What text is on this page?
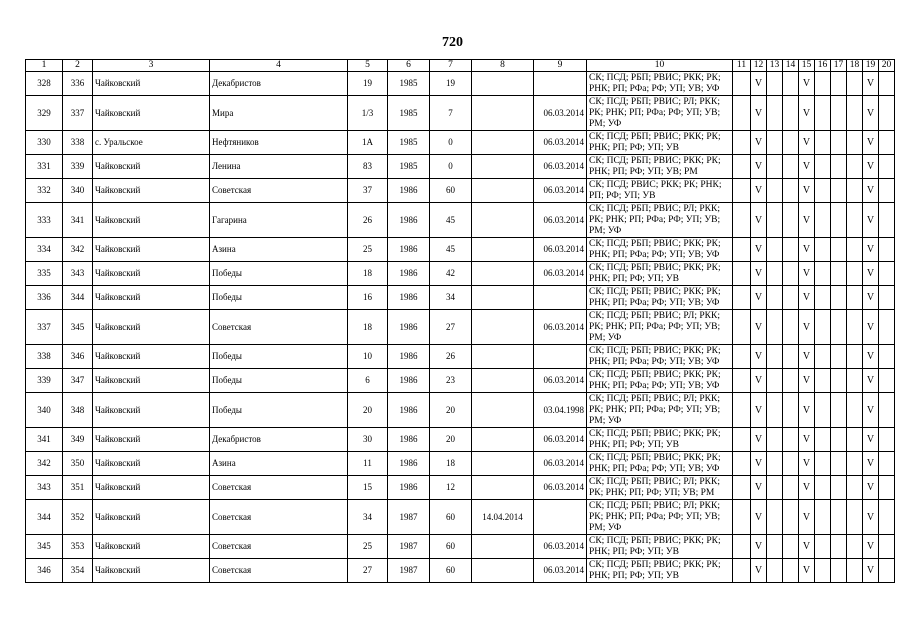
720
1	2	3	4	5	6	7	8	9	10	11	12	13	14	15	16	17	18	19	20
328	336	Чайковский	Декабристов	19	1985	19			СК; ПСД; РБП; РВИС; РКК; РК; РНК; РП; РФа; РФ; УП; УВ; УФ		V			V				V	
329	337	Чайковский	Мира	1/3	1985	7		06.03.2014	СК; ПСД; РБП; РВИС; РЛ; РКК; РК; РНК; РП; РФа; РФ; УП; УВ; РМ; УФ		V			V				V	
330	338	с. Уральское	Нефтяников	1А	1985	0		06.03.2014	СК; ПСД; РБП; РВИС; РКК; РК; РНК; РП; РФ; УП; УВ		V			V				V	
331	339	Чайковский	Ленина	83	1985	0		06.03.2014	СК; ПСД; РБП; РВИС; РКК; РК; РНК; РП; РФ; УП; УВ; РМ		V			V				V	
332	340	Чайковский	Советская	37	1986	60		06.03.2014	СК; ПСД; РВИС; РКК; РК; РНК; РП; РФ; УП; УВ		V			V				V	
333	341	Чайковский	Гагарина	26	1986	45		06.03.2014	СК; ПСД; РБП; РВИС; РЛ; РКК; РК; РНК; РП; РФа; РФ; УП; УВ; РМ; УФ		V			V				V	
334	342	Чайковский	Азина	25	1986	45		06.03.2014	СК; ПСД; РБП; РВИС; РКК; РК; РНК; РП; РФа; РФ; УП; УВ; УФ		V			V				V	
335	343	Чайковский	Победы	18	1986	42		06.03.2014	СК; ПСД; РБП; РВИС; РКК; РК; РНК; РП; РФ; УП; УВ		V			V				V	
336	344	Чайковский	Победы	16	1986	34			СК; ПСД; РБП; РВИС; РКК; РК; РНК; РП; РФа; РФ; УП; УВ; УФ		V			V				V	
337	345	Чайковский	Советская	18	1986	27		06.03.2014	СК; ПСД; РБП; РВИС; РЛ; РКК; РК; РНК; РП; РФа; РФ; УП; УВ; РМ; УФ		V			V				V	
338	346	Чайковский	Победы	10	1986	26			СК; ПСД; РБП; РВИС; РКК; РК; РНК; РП; РФа; РФ; УП; УВ; УФ		V			V				V	
339	347	Чайковский	Победы	6	1986	23		06.03.2014	СК; ПСД; РБП; РВИС; РКК; РК; РНК; РП; РФа; РФ; УП; УВ; УФ		V			V				V	
340	348	Чайковский	Победы	20	1986	20		03.04.1998	СК; ПСД; РБП; РВИС; РЛ; РКК; РК; РНК; РП; РФа; РФ; УП; УВ; РМ; УФ		V			V				V	
341	349	Чайковский	Декабристов	30	1986	20		06.03.2014	СК; ПСД; РБП; РВИС; РКК; РК; РНК; РП; РФ; УП; УВ		V			V				V	
342	350	Чайковский	Азина	11	1986	18		06.03.2014	СК; ПСД; РБП; РВИС; РКК; РК; РНК; РП; РФа; РФ; УП; УВ; УФ		V			V				V	
343	351	Чайковский	Советская	15	1986	12		06.03.2014	СК; ПСД; РБП; РВИС; РЛ; РКК; РК; РНК; РП; РФ; УП; УВ; РМ		V			V				V	
344	352	Чайковский	Советская	34	1987	60	14.04.2014		СК; ПСД; РБП; РВИС; РЛ; РКК; РК; РНК; РП; РФа; РФ; УП; УВ; РМ; УФ		V			V				V	
345	353	Чайковский	Советская	25	1987	60		06.03.2014	СК; ПСД; РБП; РВИС; РКК; РК; РНК; РП; РФ; УП; УВ		V			V				V	
346	354	Чайковский	Советская	27	1987	60		06.03.2014	СК; ПСД; РБП; РВИС; РКК; РК; РНК; РП; РФ; УП; УВ		V			V				V	
